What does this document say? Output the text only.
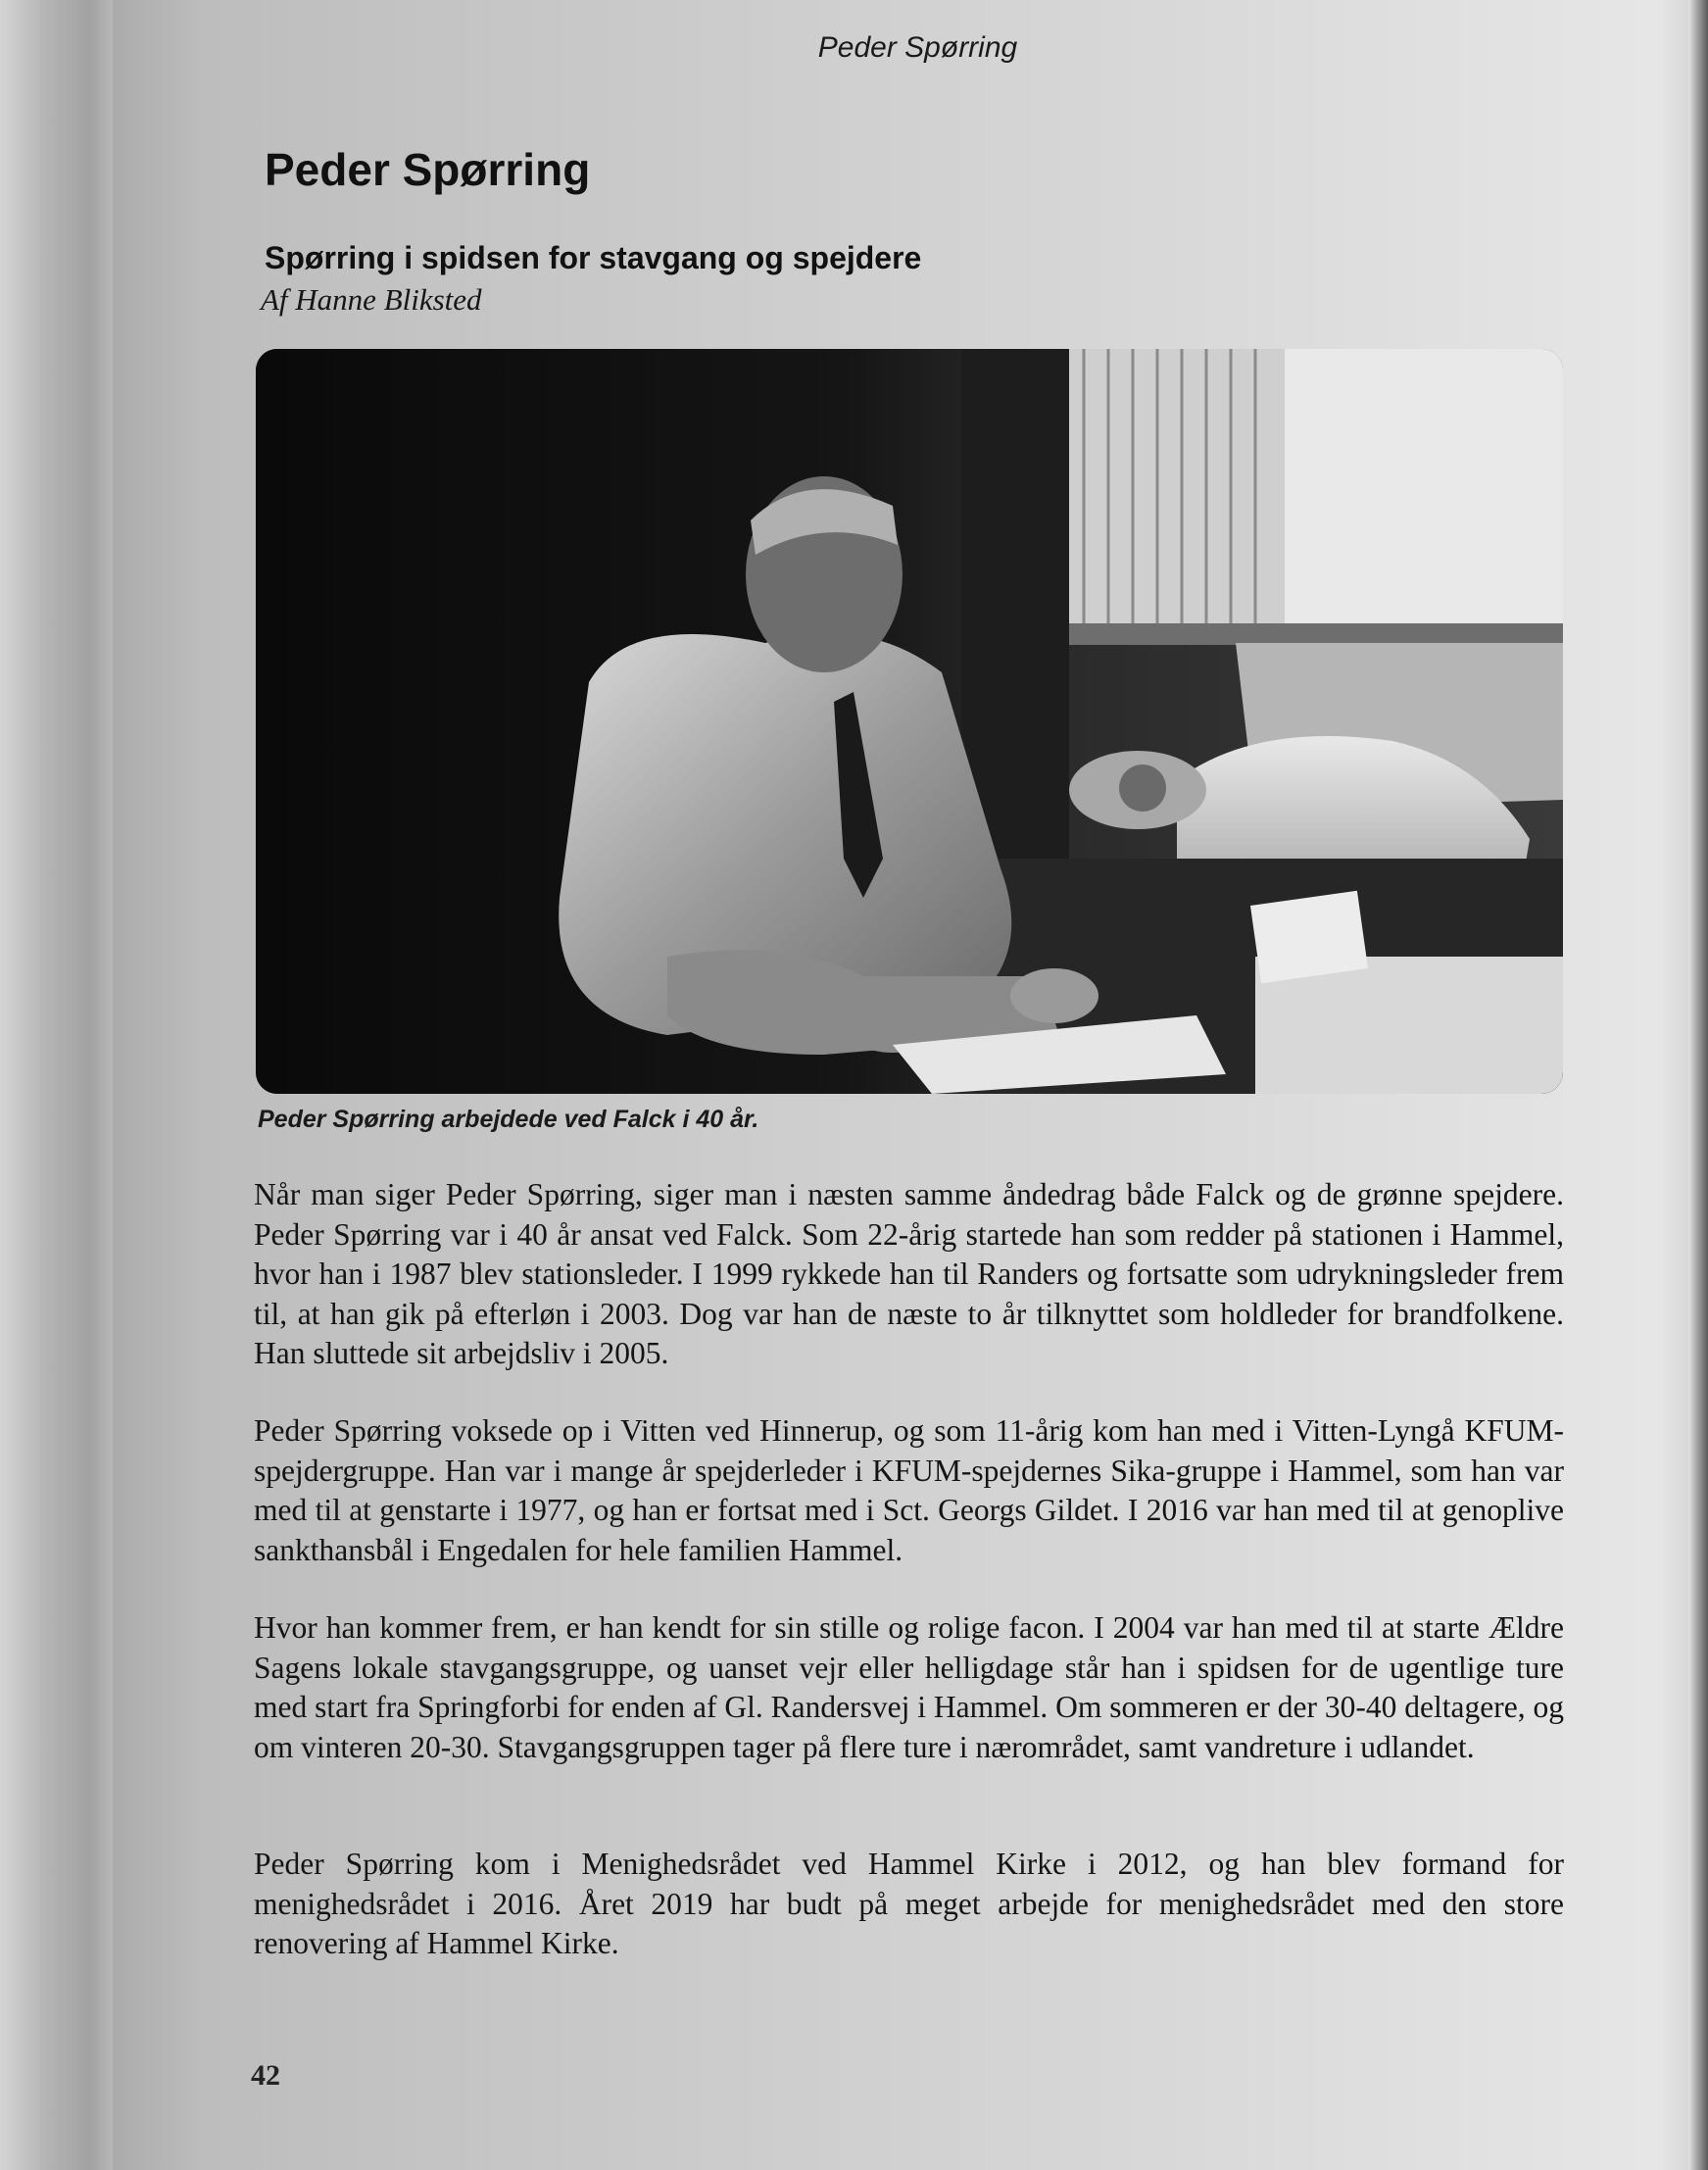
Peder Spørring
Peder Spørring
Spørring i spidsen for stavgang og spejdere

Af Hanne Bliksted

Peder Spørring arbejdede ved Falck i 40 år.

Når man siger Peder Spørring, siger man i næsten samme åndedrag både Falck og de grønne spejdere. Peder Spørring var i 40 år ansat ved Falck. Som 22-årig startede han som redder på stationen i Hammel, hvor han i 1987 blev stationsleder. I 1999 rykkede han til Randers og fortsatte som udrykningsleder frem til, at han gik på efterløn i 2003. Dog var han de næste to år tilknyttet som holdleder for brandfolkene. Han sluttede sit arbejdsliv i 2005.

Peder Spørring voksede op i Vitten ved Hinnerup, og som 11-årig kom han med i Vitten-Lyngå KFUM-spejdergruppe. Han var i mange år spejderleder i KFUM-spejdernes Sika-gruppe i Hammel, som han var med til at genstarte i 1977, og han er fortsat med i Sct. Georgs Gildet. I 2016 var han med til at genoplive sankthansbål i Engedalen for hele familien Hammel.

Hvor han kommer frem, er han kendt for sin stille og rolige facon. I 2004 var han med til at starte Ældre Sagens lokale stavgangsgruppe, og uanset vejr eller helligdage står han i spidsen for de ugentlige ture med start fra Springforbi for enden af Gl. Randersvej i Hammel. Om sommeren er der 30-40 deltagere, og om vinteren 20-30. Stavgangsgruppen tager på flere ture i nærområdet, samt vandreture i udlandet.

Peder Spørring kom i Menighedsrådet ved Hammel Kirke i 2012, og han blev formand for menighedsrådet i 2016. Året 2019 har budt på meget arbejde for menighedsrådet med den store renovering af Hammel Kirke.

42
